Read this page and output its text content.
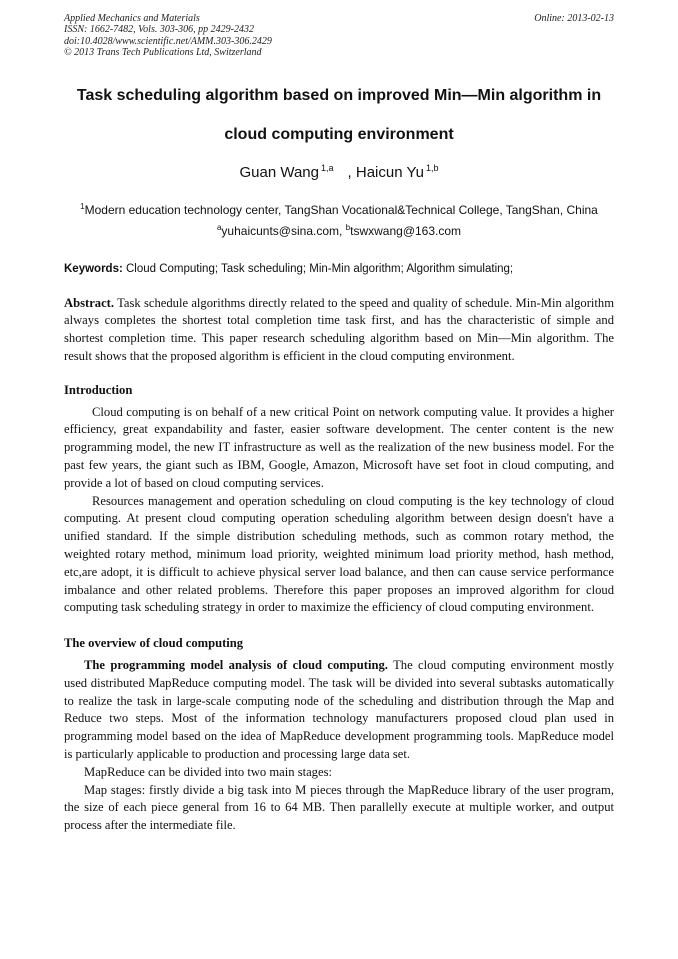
Applied Mechanics and Materials	Online: 2013-02-13
ISSN: 1662-7482, Vols. 303-306, pp 2429-2432
doi:10.4028/www.scientific.net/AMM.303-306.2429
© 2013 Trans Tech Publications Ltd, Switzerland

Task scheduling algorithm based on improved Min—Min algorithm in

cloud computing environment

Guan Wang $^{1,a}$ , Haicun Yu $^{1,b}$
$^1$Modern education technology center, TangShan Vocational&Technical College, TangShan, China
$^a$yuhaicunts@sina.com, $^b$tswxwang@163.com
Keywords: Cloud Computing; Task scheduling; Min-Min algorithm; Algorithm simulating;

Abstract. Task schedule algorithms directly related to the speed and quality of schedule. Min-Min algorithm always completes the shortest total completion time task first, and has the characteristic of simple and shortest completion time. This paper research scheduling algorithm based on Min—Min algorithm. The result shows that the proposed algorithm is efficient in the cloud computing environment.

Introduction

Cloud computing is on behalf of a new critical Point on network computing value. It provides a higher efficiency, great expandability and faster, easier software development. The center content is the new programming model, the new IT infrastructure as well as the realization of the new business model. For the past few years, the giant such as IBM, Google, Amazon, Microsoft have set foot in cloud computing, and provide a lot of based on cloud computing services.

Resources management and operation scheduling on cloud computing is the key technology of cloud computing. At present cloud computing operation scheduling algorithm between design doesn't have a unified standard. If the simple distribution scheduling methods, such as common rotary method, the weighted rotary method, minimum load priority, weighted minimum load priority method, hash method, etc,are adopt, it is difficult to achieve physical server load balance, and then can cause service performance imbalance and other related problems. Therefore this paper proposes an improved algorithm for cloud computing task scheduling strategy in order to maximize the efficiency of cloud computing environment.

The overview of cloud computing

The programming model analysis of cloud computing. The cloud computing environment mostly used distributed MapReduce computing model. The task will be divided into several subtasks automatically to realize the task in large-scale computing node of the scheduling and distribution through the Map and Reduce two steps. Most of the information technology manufacturers proposed cloud plan used in programming model based on the idea of MapReduce development programming tools. MapReduce model is particularly applicable to production and processing large data set.

MapReduce can be divided into two main stages:

Map stages: firstly divide a big task into M pieces through the MapReduce library of the user program, the size of each piece general from 16 to 64 MB. Then parallelly execute at multiple worker, and output process after the intermediate file.
